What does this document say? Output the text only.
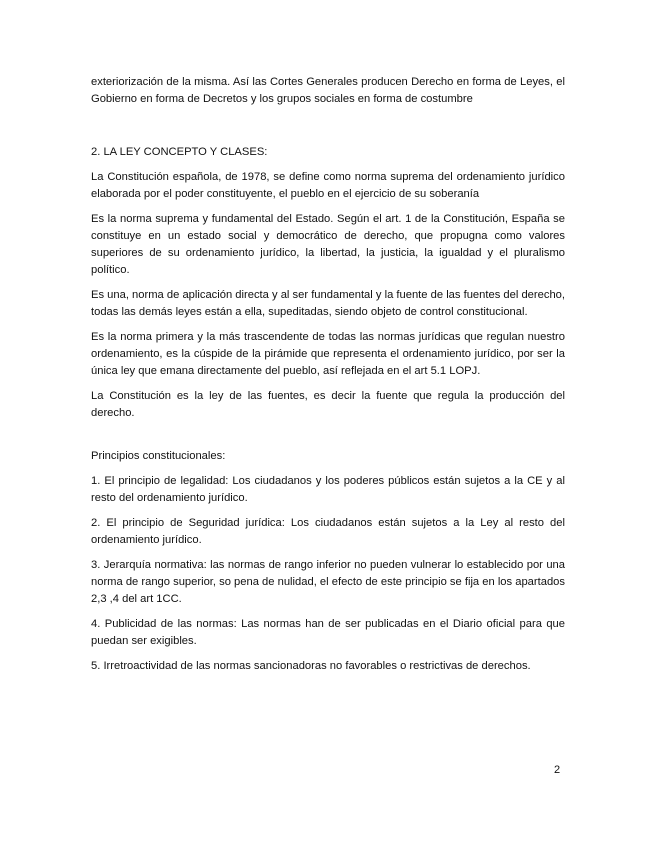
exteriorización de la misma. Así las Cortes Generales producen Derecho en forma de Leyes, el Gobierno en forma de Decretos y los grupos sociales en forma de costumbre

2. LA LEY CONCEPTO Y CLASES:

La Constitución española, de 1978, se define como norma suprema del ordenamiento jurídico elaborada por el poder constituyente, el pueblo en el ejercicio de su soberanía

Es la norma suprema y fundamental del Estado. Según el art. 1 de la Constitución, España se constituye en un estado social y democrático de derecho, que propugna como valores superiores de su ordenamiento jurídico, la libertad, la justicia, la igualdad y el pluralismo político.

Es una, norma de aplicación directa y al ser fundamental y la fuente de las fuentes del derecho, todas las demás leyes están a ella, supeditadas, siendo objeto de control constitucional.

Es la norma primera y la más trascendente de todas las normas jurídicas que regulan nuestro ordenamiento, es la cúspide de la pirámide que representa el ordenamiento jurídico, por ser la única ley que emana directamente del pueblo, así reflejada en el art 5.1 LOPJ.

La Constitución es la ley de las fuentes, es decir la fuente que regula la producción del derecho.

Principios constitucionales:

1. El principio de legalidad: Los ciudadanos y los poderes públicos están sujetos a la CE y al resto del ordenamiento jurídico.

2. El principio de Seguridad jurídica: Los ciudadanos están sujetos a la Ley al resto del ordenamiento jurídico.

3. Jerarquía normativa: las normas de rango inferior no pueden vulnerar lo establecido por una norma de rango superior, so pena de nulidad, el efecto de este principio se fija en los apartados 2,3 ,4 del art 1CC.

4. Publicidad de las normas: Las normas han de ser publicadas en el Diario oficial para que puedan ser exigibles.

5. Irretroactividad de las normas sancionadoras no favorables o restrictivas de derechos.

2
